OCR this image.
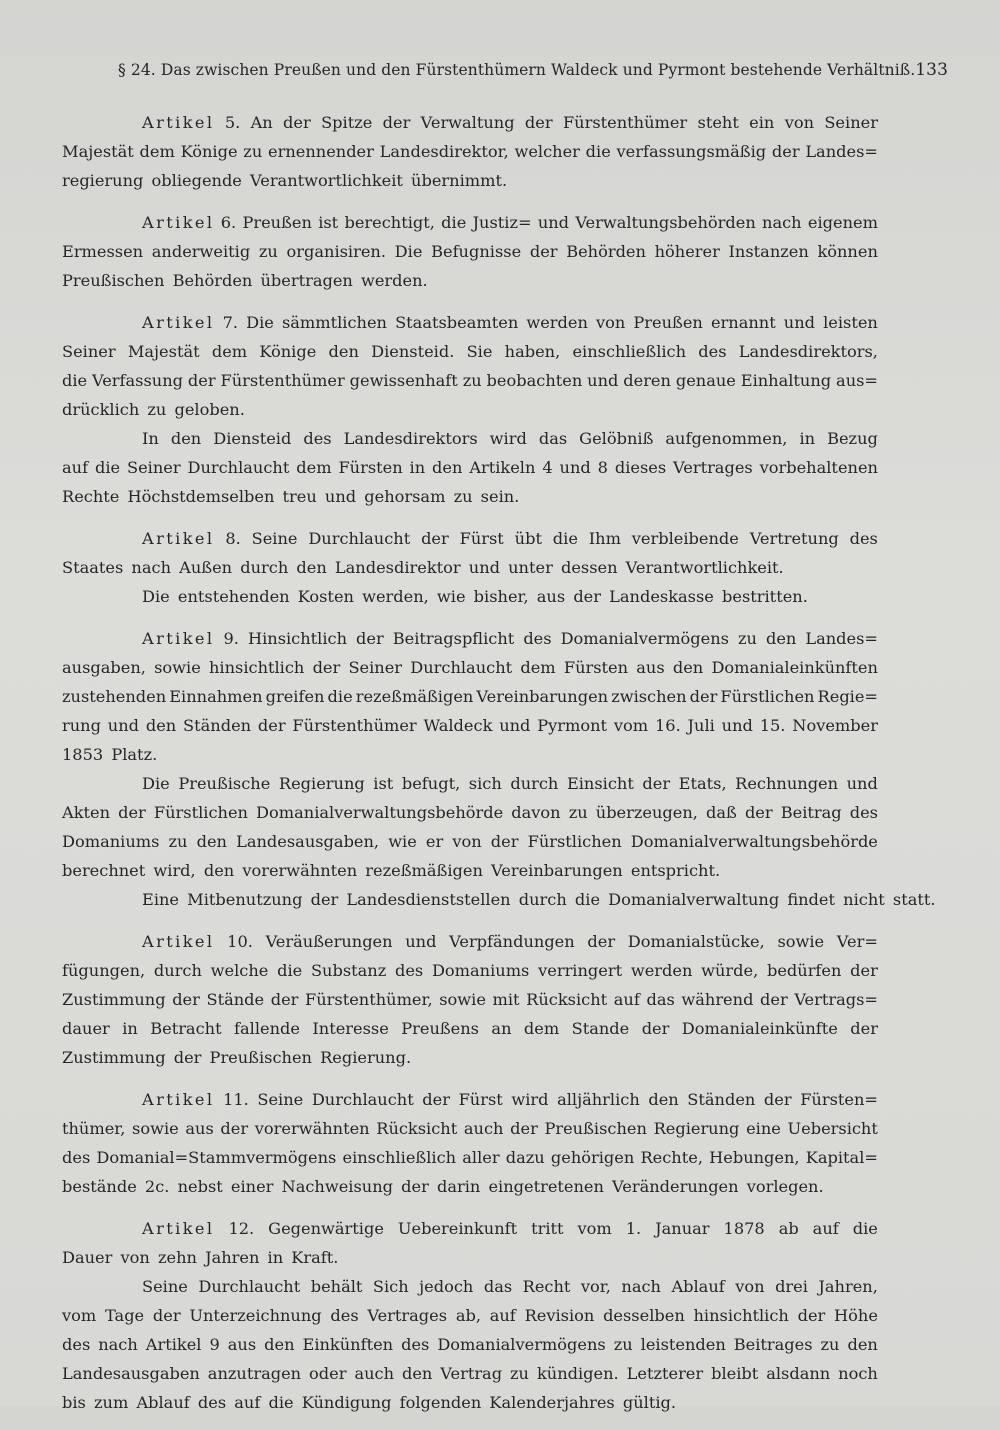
§ 24. Das zwischen Preußen und den Fürstenthümern Waldeck und Pyrmont bestehende Verhältniß. 133
Artikel 5. An der Spitze der Verwaltung der Fürstenthümer steht ein von Seiner
Majestät dem Könige zu ernennender Landesdirektor, welcher die verfassungsmäßig der Landes=
regierung obliegende Verantwortlichkeit übernimmt.
Artikel 6. Preußen ist berechtigt, die Justiz= und Verwaltungsbehörden nach eigenem
Ermessen anderweitig zu organisiren. Die Befugnisse der Behörden höherer Instanzen können
Preußischen Behörden übertragen werden.
Artikel 7. Die sämmtlichen Staatsbeamten werden von Preußen ernannt und leisten
Seiner Majestät dem Könige den Diensteid. Sie haben, einschließlich des Landesdirektors,
die Verfassung der Fürstenthümer gewissenhaft zu beobachten und deren genaue Einhaltung aus=
drücklich zu geloben.
In den Diensteid des Landesdirektors wird das Gelöbniß aufgenommen, in Bezug
auf die Seiner Durchlaucht dem Fürsten in den Artikeln 4 und 8 dieses Vertrages vorbehaltenen
Rechte Höchstdemselben treu und gehorsam zu sein.
Artikel 8. Seine Durchlaucht der Fürst übt die Ihm verbleibende Vertretung des
Staates nach Außen durch den Landesdirektor und unter dessen Verantwortlichkeit.
Die entstehenden Kosten werden, wie bisher, aus der Landeskasse bestritten.
Artikel 9. Hinsichtlich der Beitragspflicht des Domanialvermögens zu den Landes=
ausgaben, sowie hinsichtlich der Seiner Durchlaucht dem Fürsten aus den Domanialeinkünften
zustehenden Einnahmen greifen die rezeßmäßigen Vereinbarungen zwischen der Fürstlichen Regie=
rung und den Ständen der Fürstenthümer Waldeck und Pyrmont vom 16. Juli und 15. November
1853 Platz.
Die Preußische Regierung ist befugt, sich durch Einsicht der Etats, Rechnungen und
Akten der Fürstlichen Domanialverwaltungsbehörde davon zu überzeugen, daß der Beitrag des
Domaniums zu den Landesausgaben, wie er von der Fürstlichen Domanialverwaltungsbehörde
berechnet wird, den vorerwähnten rezeßmäßigen Vereinbarungen entspricht.
Eine Mitbenutzung der Landesdienststellen durch die Domanialverwaltung findet nicht statt.
Artikel 10. Veräußerungen und Verpfändungen der Domanialstücke, sowie Ver=
fügungen, durch welche die Substanz des Domaniums verringert werden würde, bedürfen der
Zustimmung der Stände der Fürstenthümer, sowie mit Rücksicht auf das während der Vertrags=
dauer in Betracht fallende Interesse Preußens an dem Stande der Domanialeinkünfte der
Zustimmung der Preußischen Regierung.
Artikel 11. Seine Durchlaucht der Fürst wird alljährlich den Ständen der Fürsten=
thümer, sowie aus der vorerwähnten Rücksicht auch der Preußischen Regierung eine Uebersicht
des Domanial=Stammvermögens einschließlich aller dazu gehörigen Rechte, Hebungen, Kapital=
bestände 2c. nebst einer Nachweisung der darin eingetretenen Veränderungen vorlegen.
Artikel 12. Gegenwärtige Uebereinkunft tritt vom 1. Januar 1878 ab auf die
Dauer von zehn Jahren in Kraft.
Seine Durchlaucht behält Sich jedoch das Recht vor, nach Ablauf von drei Jahren,
vom Tage der Unterzeichnung des Vertrages ab, auf Revision desselben hinsichtlich der Höhe
des nach Artikel 9 aus den Einkünften des Domanialvermögens zu leistenden Beitrages zu den
Landesausgaben anzutragen oder auch den Vertrag zu kündigen. Letzterer bleibt alsdann noch
bis zum Ablauf des auf die Kündigung folgenden Kalenderjahres gültig.
